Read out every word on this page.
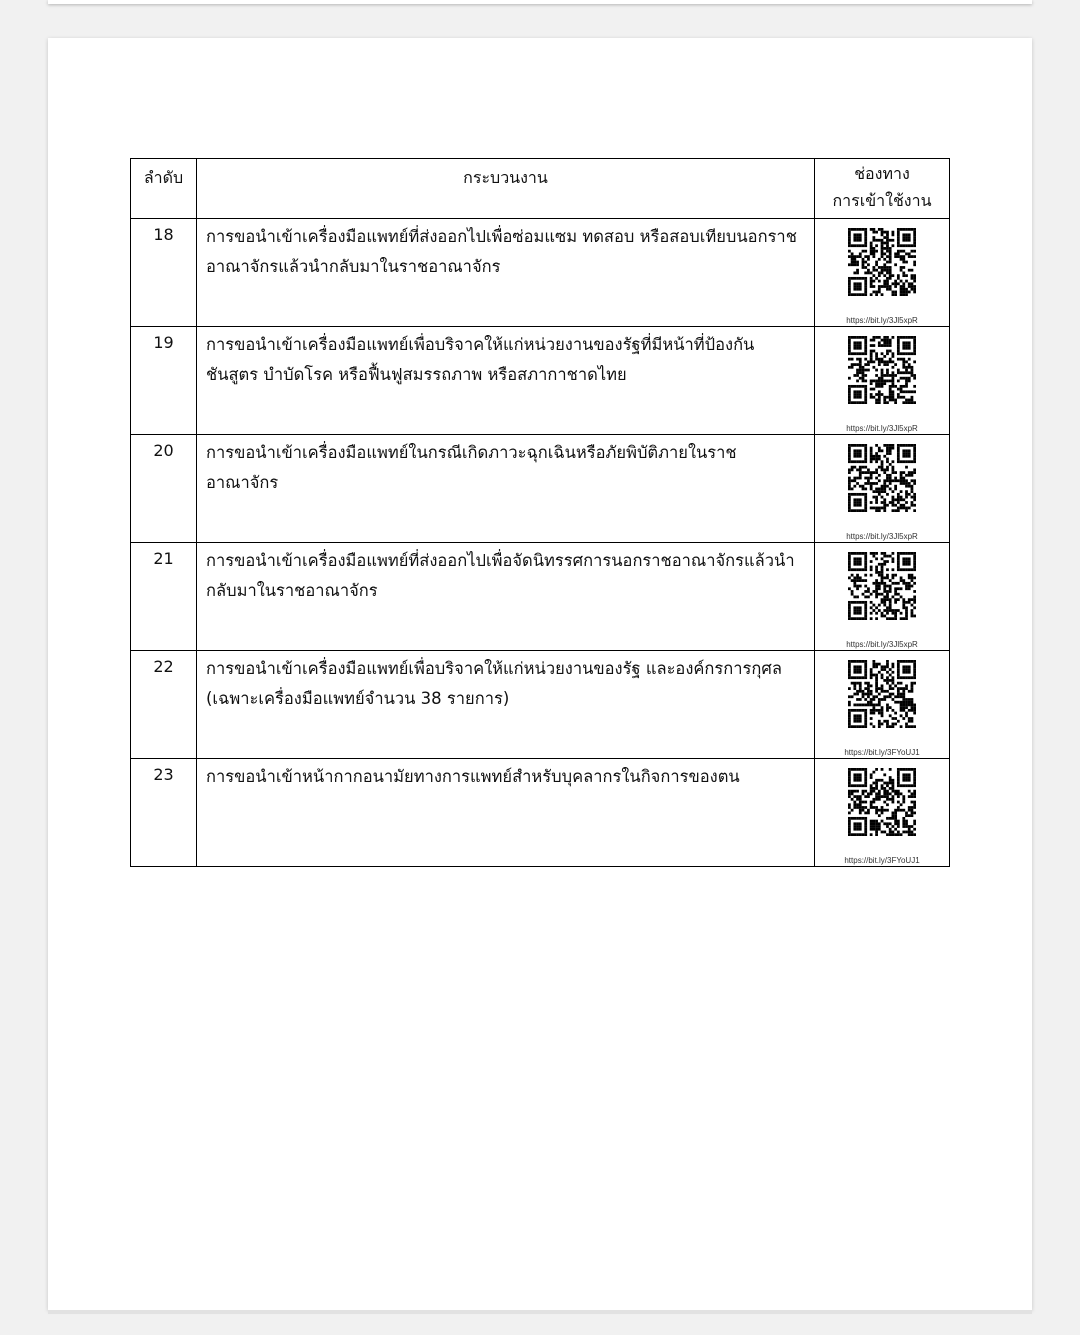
ลำดับ	กระบวนงาน	ช่องทาง
การเข้าใช้งาน
18	การขอนำเข้าเครื่องมือแพทย์ที่ส่งออกไปเพื่อซ่อมแซม ทดสอบ หรือสอบเทียบนอกราชอาณาจักรแล้วนำกลับมาในราชอาณาจักร	https://bit.ly/3Jl5xpR

19	การขอนำเข้าเครื่องมือแพทย์เพื่อบริจาคให้แก่หน่วยงานของรัฐที่มีหน้าที่ป้องกัน ชันสูตร บำบัดโรค หรือฟื้นฟูสมรรถภาพ หรือสภากาชาดไทย	https://bit.ly/3Jl5xpR

20	การขอนำเข้าเครื่องมือแพทย์ในกรณีเกิดภาวะฉุกเฉินหรือภัยพิบัติภายในราชอาณาจักร	https://bit.ly/3Jl5xpR

21	การขอนำเข้าเครื่องมือแพทย์ที่ส่งออกไปเพื่อจัดนิทรรศการนอกราชอาณาจักรแล้วนำกลับมาในราชอาณาจักร	https://bit.ly/3Jl5xpR

22	การขอนำเข้าเครื่องมือแพทย์เพื่อบริจาคให้แก่หน่วยงานของรัฐ และองค์กรการกุศล (เฉพาะเครื่องมือแพทย์จำนวน 38 รายการ)	https://bit.ly/3FYoUJ1

23	การขอนำเข้าหน้ากากอนามัยทางการแพทย์สำหรับบุคลากรในกิจการของตน	https://bit.ly/3FYoUJ1
